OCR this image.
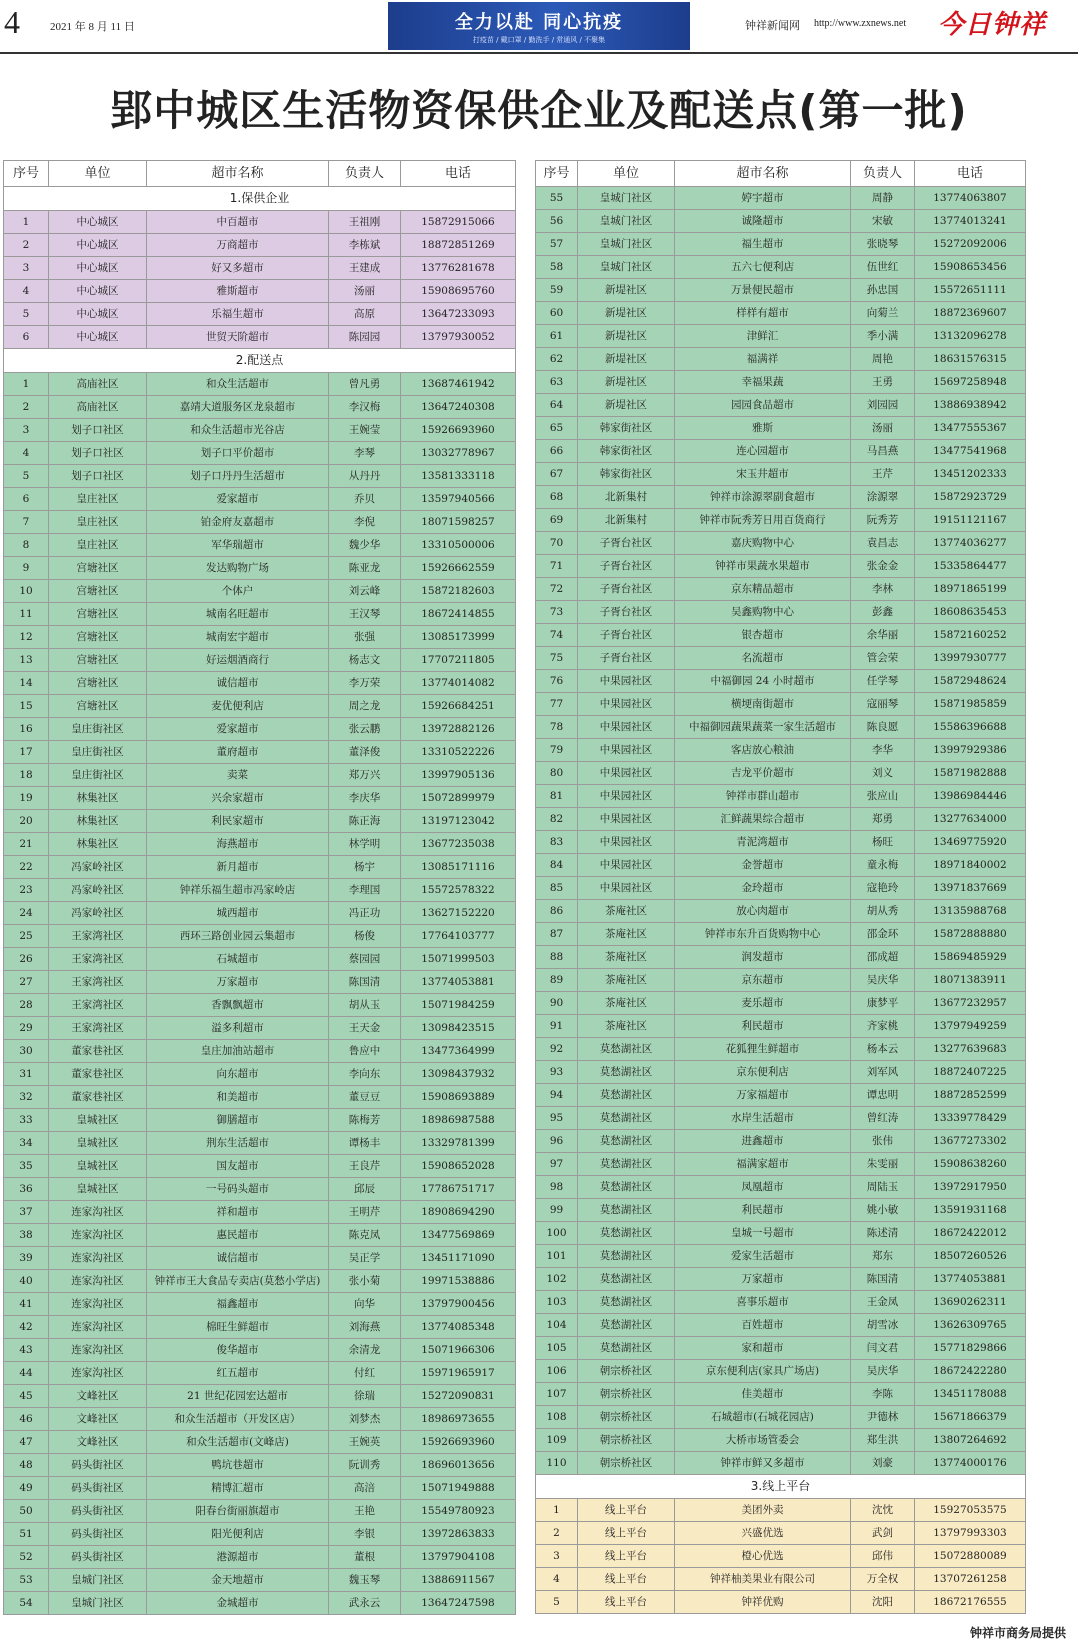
4	2021 年 8 月 11 日	全力以赴 同心抗疫
打疫苗 / 戴口罩 / 勤洗手 / 常通风 / 不聚集
钟祥新闻网 http://www.zxnews.net 今日钟祥
郢中城区生活物资保供企业及配送点(第一批)
序号	单位	超市名称	负责人	电话
1.保供企业				
1	中心城区	中百超市	王祖刚	15872915066
2	中心城区	万商超市	李栋斌	18872851269
3	中心城区	好又多超市	王建成	13776281678
4	中心城区	雅斯超市	汤丽	15908695760
5	中心城区	乐福生超市	高原	13647233093
6	中心城区	世贸天阶超市	陈园园	13797930052
2.配送点				
1	高庙社区	和众生活超市	曾凡勇	13687461942
2	高庙社区	嘉靖大道服务区龙泉超市	李汉梅	13647240308
3	划子口社区	和众生活超市光谷店	王婉莹	15926693960
4	划子口社区	划子口平价超市	李琴	13032778967
5	划子口社区	划子口丹丹生活超市	从丹丹	13581333118
6	皇庄社区	爱家超市	乔贝	13597940566
7	皇庄社区	铂金府友嘉超市	李倪	18071598257
8	皇庄社区	军华瑞超市	魏少华	13310500006
9	宫塘社区	发达购物广场	陈亚龙	15926662559
10	宫塘社区	个体户	刘云峰	15872182603
11	宫塘社区	城南名旺超市	王汉琴	18672414855
12	宫塘社区	城南宏宇超市	张强	13085173999
13	宫塘社区	好运烟酒商行	杨志文	17707211805
14	宫塘社区	诚信超市	李万荣	13774014082
15	宫塘社区	麦优便利店	周之龙	15926684251
16	皇庄街社区	爱家超市	张云鹏	13972882126
17	皇庄街社区	董府超市	董泽俊	13310522226
18	皇庄街社区	卖菜	郑万兴	13997905136
19	林集社区	兴余家超市	李庆华	15072899979
20	林集社区	利民家超市	陈正海	13197123042
21	林集社区	海燕超市	林学明	13677235038
22	冯家岭社区	新月超市	杨宇	13085171116
23	冯家岭社区	钟祥乐福生超市冯家岭店	李理国	15572578322
24	冯家岭社区	城西超市	冯正功	13627152220
25	王家湾社区	西环三路创业园云集超市	杨俊	17764103777
26	王家湾社区	石城超市	蔡园园	15071999503
27	王家湾社区	万家超市	陈国清	13774053881
28	王家湾社区	香飘飘超市	胡从玉	15071984259
29	王家湾社区	溢多利超市	王天金	13098423515
30	董家巷社区	皇庄加油站超市	鲁应中	13477364999
31	董家巷社区	向东超市	李向东	13098437932
32	董家巷社区	和美超市	董豆豆	15908693889
33	皇城社区	御膳超市	陈梅芳	18986987588
34	皇城社区	荆东生活超市	谭杨丰	13329781399
35	皇城社区	国友超市	王良芹	15908652028
36	皇城社区	一号码头超市	邱辰	17786751717
37	连家沟社区	祥和超市	王明芹	18908694290
38	连家沟社区	惠民超市	陈克凤	13477569869
39	连家沟社区	诚信超市	吴正学	13451171090
40	连家沟社区	钟祥市王大食品专卖店(莫愁小学店)	张小菊	19971538886
41	连家沟社区	福鑫超市	向华	13797900456
42	连家沟社区	棉旺生鲜超市	刘海燕	13774085348
43	连家沟社区	俊华超市	余清龙	15071966306
44	连家沟社区	红五超市	付红	15971965917
45	文峰社区	21 世纪花园宏达超市	徐瑞	15272090831
46	文峰社区	和众生活超市（开发区店）	刘梦杰	18986973655
47	文峰社区	和众生活超市(文峰店)	王婉英	15926693960
48	码头街社区	鸭坑巷超市	阮训秀	18696013656
49	码头街社区	精博汇超市	高涪	15071949888
50	码头街社区	阳春台街丽旗超市	王艳	15549780923
51	码头街社区	阳光便利店	李银	13972863833
52	码头街社区	港源超市	董根	13797904108
53	皇城门社区	金天地超市	魏玉琴	13886911567
54	皇城门社区	金城超市	武永云	13647247598
序号	单位	超市名称	负责人	电话
55	皇城门社区	婷宇超市	周静	13774063807
56	皇城门社区	诚隆超市	宋敏	13774013241
57	皇城门社区	福生超市	张晓琴	15272092006
58	皇城门社区	五六七便利店	伍世红	15908653456
59	新堤社区	万景便民超市	孙忠国	15572651111
60	新堤社区	样样有超市	向菊兰	18872369607
61	新堤社区	津鲜汇	季小满	13132096278
62	新堤社区	福满祥	周艳	18631576315
63	新堤社区	幸福果蔬	王勇	15697258948
64	新堤社区	园园食品超市	刘园园	13886938942
65	韩家街社区	雅斯	汤丽	13477555367
66	韩家街社区	连心园超市	马昌燕	13477541968
67	韩家街社区	宋玉井超市	王芹	13451202333
68	北新集村	钟祥市涂源翠副食超市	涂源翠	15872923729
69	北新集村	钟祥市阮秀芳日用百货商行	阮秀芳	19151121167
70	子胥台社区	嘉庆购物中心	袁昌志	13774036277
71	子胥台社区	钟祥市果蔬水果超市	张金金	15335864477
72	子胥台社区	京东精品超市	李林	18971865199
73	子胥台社区	吴鑫购物中心	彭鑫	18608635453
74	子胥台社区	银杏超市	余华丽	15872160252
75	子胥台社区	名流超市	管会荣	13997930777
76	中果园社区	中福御园 24 小时超市	任学琴	15872948624
77	中果园社区	横埂南街超市	寇丽琴	15871985859
78	中果园社区	中福御园蔬果蔬菜一家生活超市	陈良愿	15586396688
79	中果园社区	客店放心粮油	李华	13997929386
80	中果园社区	吉龙平价超市	刘义	15871982888
81	中果园社区	钟祥市群山超市	张应山	13986984446
82	中果园社区	汇鲜蔬果综合超市	郑勇	13277634000
83	中果园社区	青泥湾超市	杨旺	13469775920
84	中果园社区	金誉超市	童永梅	18971840002
85	中果园社区	金玲超市	寇艳玲	13971837669
86	茶庵社区	放心肉超市	胡从秀	13135988768
87	茶庵社区	钟祥市东升百货购物中心	邵金环	15872888880
88	茶庵社区	润发超市	邵成超	15869485929
89	茶庵社区	京东超市	吴庆华	18071383911
90	茶庵社区	麦乐超市	康梦平	13677232957
91	茶庵社区	利民超市	齐家桃	13797949259
92	莫愁湖社区	花狐狸生鲜超市	杨本云	13277639683
93	莫愁湖社区	京东便利店	刘军风	18872407225
94	莫愁湖社区	万家福超市	谭忠明	18872852599
95	莫愁湖社区	水岸生活超市	曾红涛	13339778429
96	莫愁湖社区	进鑫超市	张伟	13677273302
97	莫愁湖社区	福满家超市	朱雯丽	15908638260
98	莫愁湖社区	凤凰超市	周陆玉	13972917950
99	莫愁湖社区	利民超市	姚小敏	13591931168
100	莫愁湖社区	皇城一号超市	陈述清	18672422012
101	莫愁湖社区	爱家生活超市	郑东	18507260526
102	莫愁湖社区	万家超市	陈国清	13774053881
103	莫愁湖社区	喜事乐超市	王金凤	13690262311
104	莫愁湖社区	百姓超市	胡雪冰	13626309765
105	莫愁湖社区	家和超市	闫文君	15771829866
106	朝宗桥社区	京东便利店(家具广场店)	吴庆华	18672422280
107	朝宗桥社区	佳美超市	李陈	13451178088
108	朝宗桥社区	石城超市(石城花园店)	尹德林	15671866379
109	朝宗桥社区	大桥市场管委会	郑生洪	13807264692
110	朝宗桥社区	钟祥市鲜又多超市	刘豪	13774000176
3.线上平台				
1	线上平台	美团外卖	沈忱	15927053575
2	线上平台	兴盛优选	武剑	13797993303
3	线上平台	橙心优选	邱伟	15072880089
4	线上平台	钟祥柚美果业有限公司	万全权	13707261258
5	线上平台	钟祥优购	沈阳	18672176555
钟祥市商务局提供
